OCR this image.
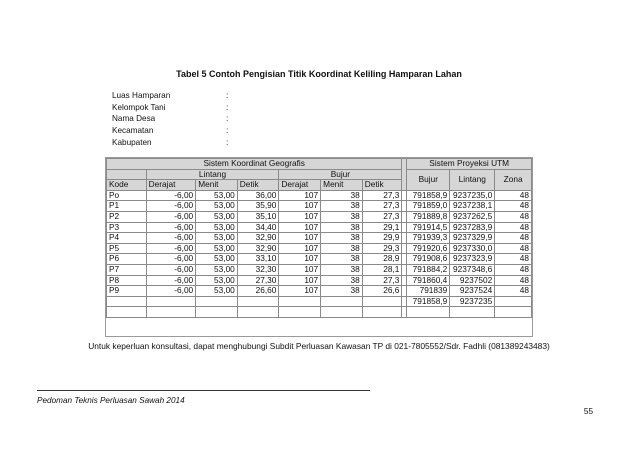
Tabel 5 Contoh Pengisian Titik Koordinat Keliling Hamparan Lahan
Luas Hamparan	:
Kelompok Tani	:
Nama Desa	:
Kecamatan	:
Kabupaten	:
Sistem Koordinat Geografis								Sistem Proyeksi UTM		
	Lintang			Bujur				Bujur	Lintang	Zona
Kode	Derajat	Menit	Detik	Derajat	Menit	Detik				
Po	-6,00	53,00	36,00	107	38	27,3		791858,9	9237235,0	48
P1	-6,00	53,00	35,90	107	38	27,3		791859,0	9237238,1	48
P2	-6,00	53,00	35,10	107	38	27,3		791889,8	9237262,5	48
P3	-6,00	53,00	34,40	107	38	29,1		791914,5	9237283,9	48
P4	-6,00	53,00	32,90	107	38	29,9		791939,3	9237329,9	48
P5	-6,00	53,00	32,90	107	38	29,3		791920,6	9237330,0	48
P6	-6,00	53,00	33,10	107	38	28,9		791908,6	9237323,9	48
P7	-6,00	53,00	32,30	107	38	28,1		791884,2	9237348,6	48
P8	-6,00	53,00	27,30	107	38	27,3		791860,4	9237502	48
P9	-6,00	53,00	26,60	107	38	26,6		791839	9237524	48
								791858,9	9237235	

Untuk keperluan konsultasi, dapat menghubungi Subdit Perluasan Kawasan TP di 021-7805552/Sdr. Fadhli (081389243483)
Pedoman Teknis Perluasan Sawah 2014
55
